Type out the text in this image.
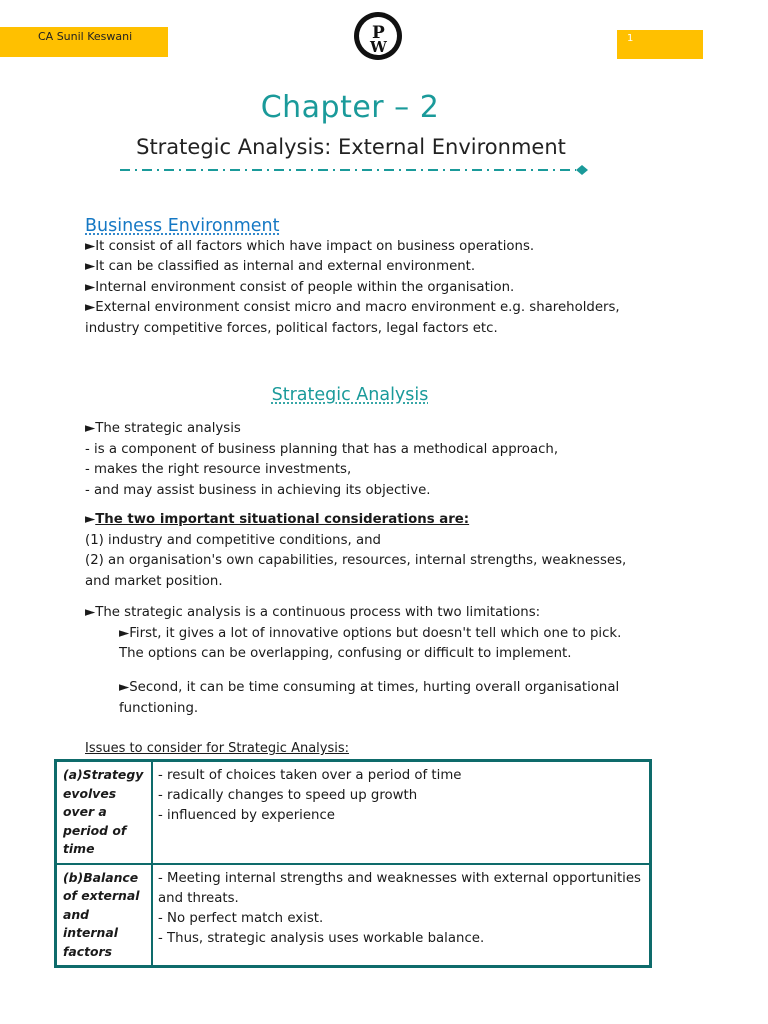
CA Sunil Keswani	P
W	1
Chapter – 2
Strategic Analysis: External Environment
Business Environment

►It consist of all factors which have impact on business operations.

►It can be classified as internal and external environment.

►Internal environment consist of people within the organisation.

►External environment consist micro and macro environment e.g. shareholders, industry competitive forces, political factors, legal factors etc.

Strategic Analysis

►The strategic analysis

- is a component of business planning that has a methodical approach,

- makes the right resource investments,

- and may assist business in achieving its objective.

►The two important situational considerations are:

(1) industry and competitive conditions, and

(2) an organisation's own capabilities, resources, internal strengths, weaknesses, and market position.

►The strategic analysis is a continuous process with two limitations:

►First, it gives a lot of innovative options but doesn't tell which one to pick. The options can be overlapping, confusing or difficult to implement.

►Second, it can be time consuming at times, hurting overall organisational functioning.

Issues to consider for Strategic Analysis:
(a)Strategy evolves over a period of time	- result of choices taken over a period of time
- radically changes to speed up growth
- influenced by experience

(b)Balance of external and internal factors	- Meeting internal strengths and weaknesses with external opportunities and threats.
- No perfect match exist.
- Thus, strategic analysis uses workable balance.
